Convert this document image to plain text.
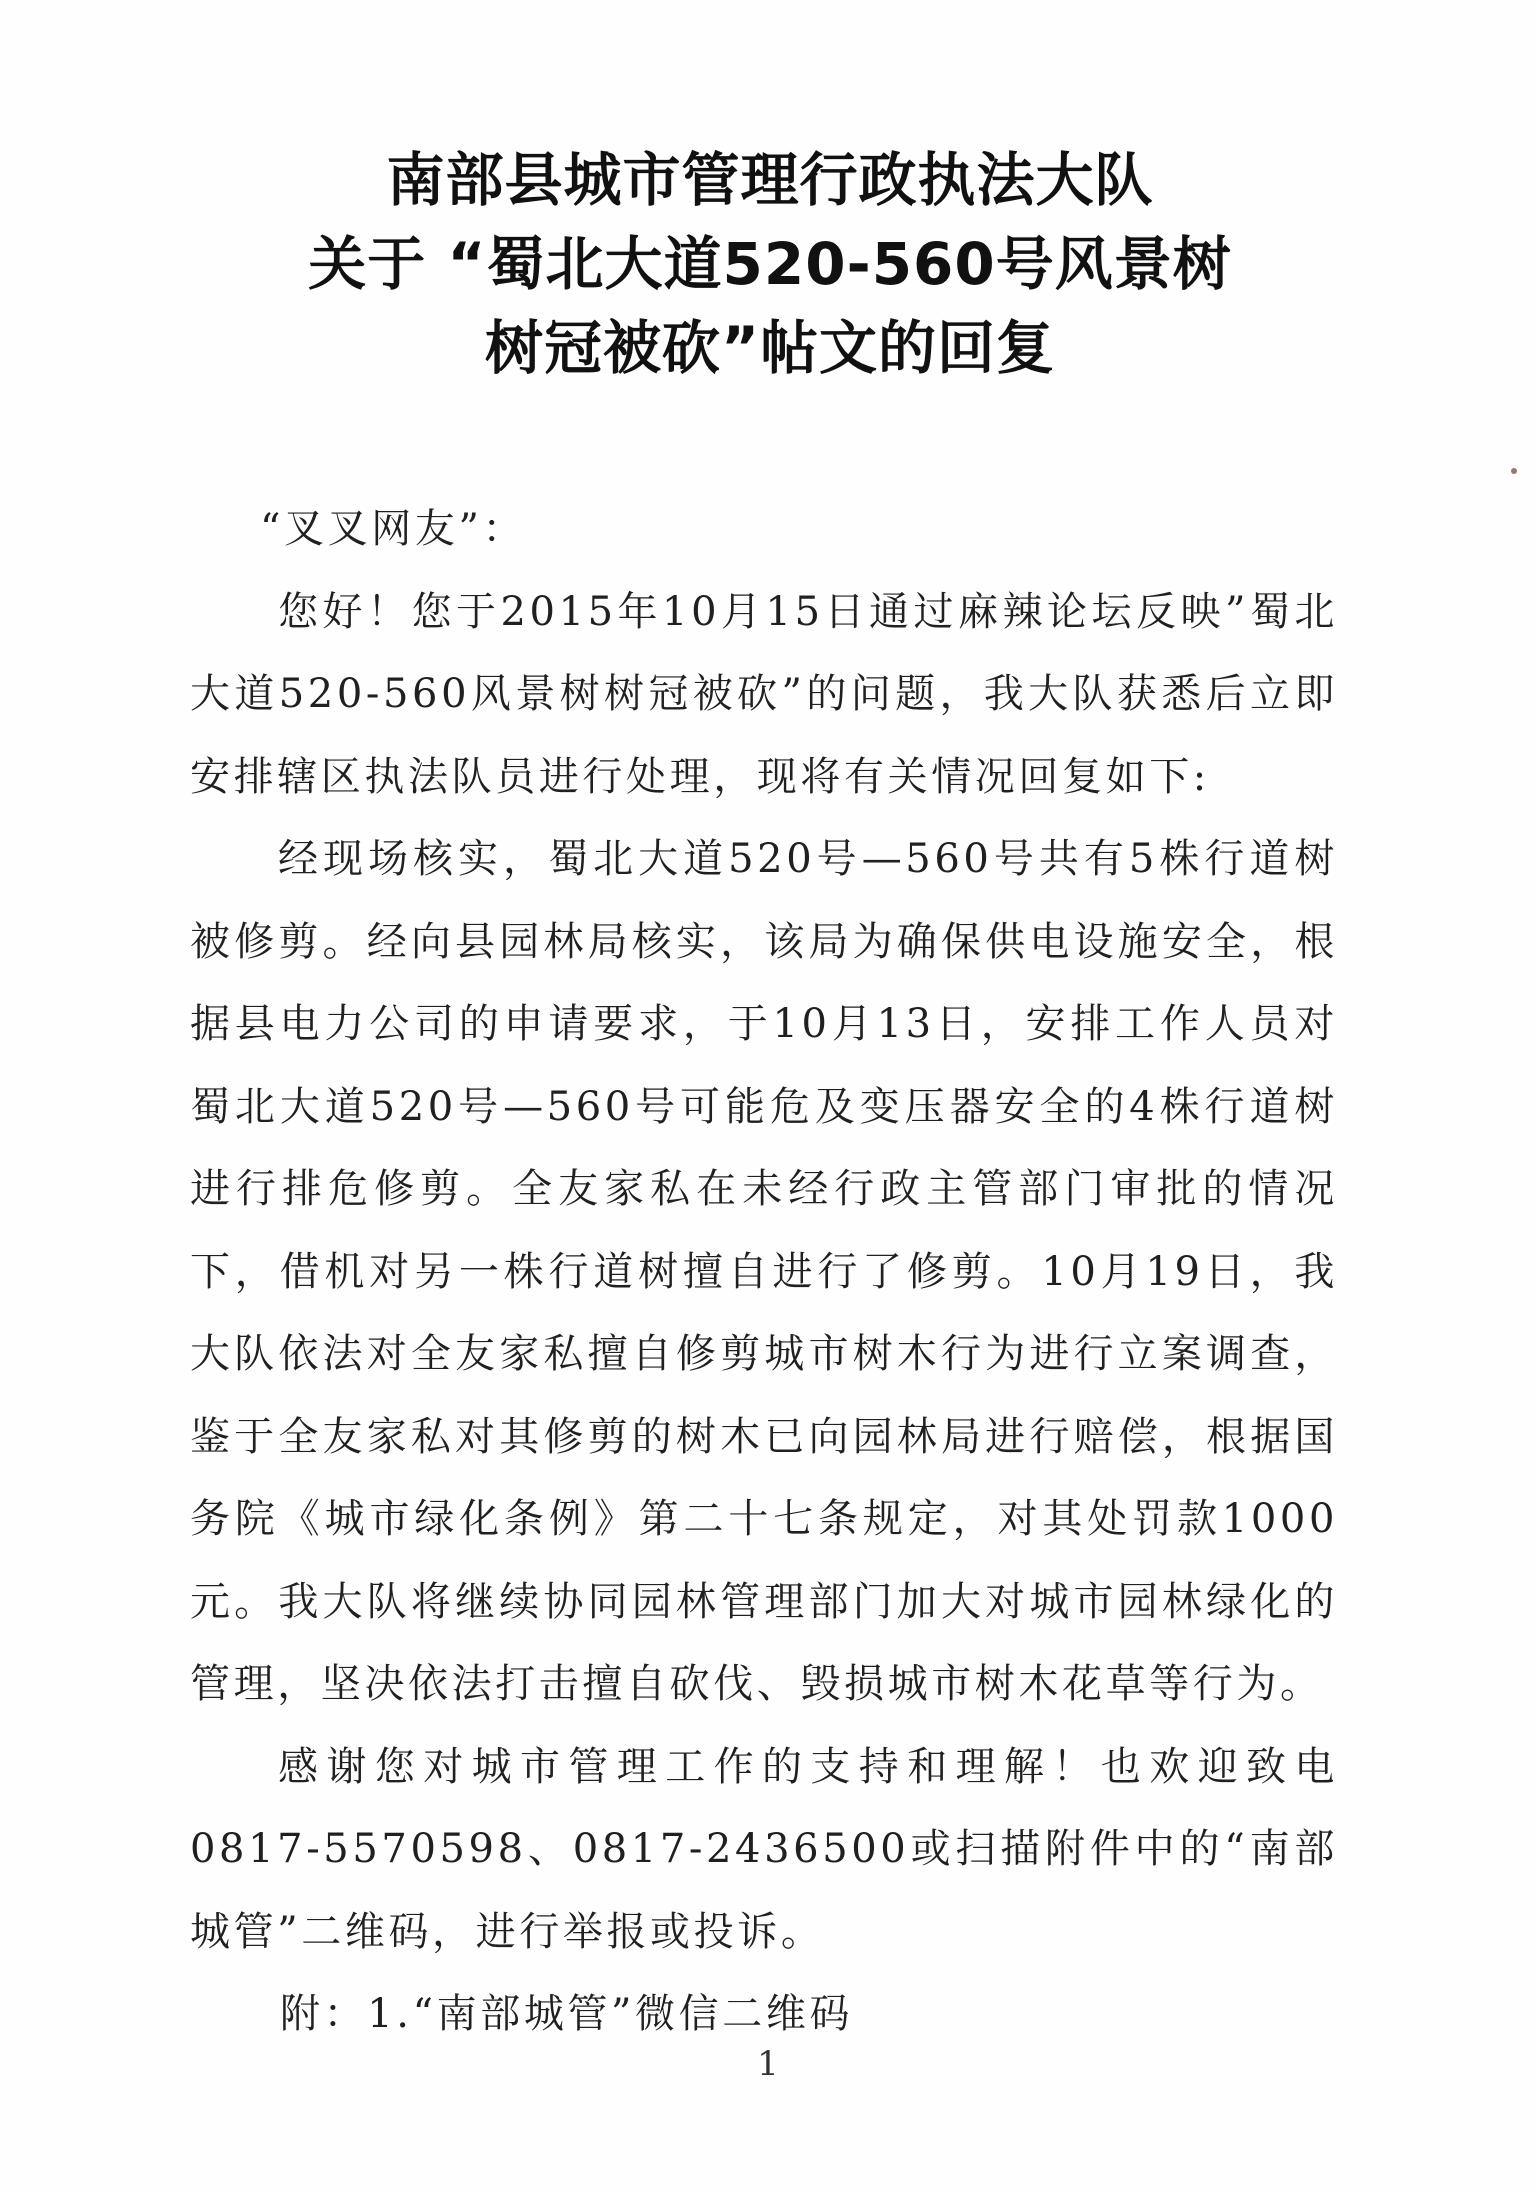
南部县城市管理行政执法大队
关于 “蜀北大道520-560号风景树
树冠被砍”帖文的回复

“叉叉网友”：

您好！您于2015年10月15日通过麻辣论坛反映”蜀北大道520-560风景树树冠被砍”的问题，我大队获悉后立即安排辖区执法队员进行处理，现将有关情况回复如下:

经现场核实，蜀北大道520号—560号共有5株行道树被修剪。经向县园林局核实，该局为确保供电设施安全，根据县电力公司的申请要求，于10月13日，安排工作人员对蜀北大道520号—560号可能危及变压器安全的4株行道树进行排危修剪。全友家私在未经行政主管部门审批的情况下，借机对另一株行道树擅自进行了修剪。10月19日，我大队依法对全友家私擅自修剪城市树木行为进行立案调查，鉴于全友家私对其修剪的树木已向园林局进行赔偿，根据国务院《城市绿化条例》第二十七条规定，对其处罚款1000元。我大队将继续协同园林管理部门加大对城市园林绿化的管理，坚决依法打击擅自砍伐、毁损城市树木花草等行为。

感谢您对城市管理工作的支持和理解！也欢迎致电0817-5570598、0817-2436500或扫描附件中的“南部城管”二维码，进行举报或投诉。

附：1.“南部城管”微信二维码

1
